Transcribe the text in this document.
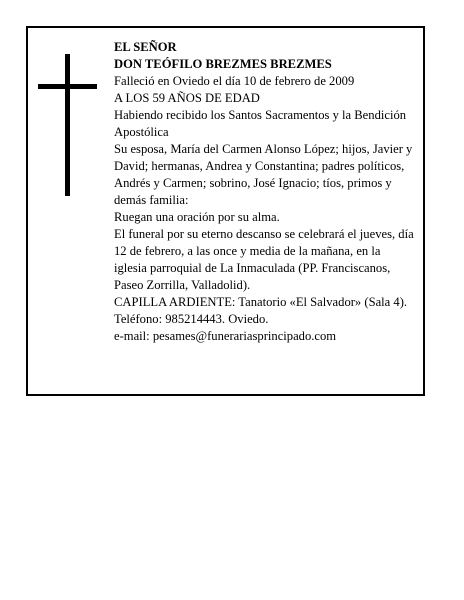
EL SEÑOR

DON TEÓFILO BREZMES BREZMES

Falleció en Oviedo el día 10 de febrero de 2009

A LOS 59 AÑOS DE EDAD

Habiendo recibido los Santos Sacramentos y la Bendición Apostólica

Su esposa, María del Carmen Alonso López; hijos, Javier y David; hermanas, Andrea y Constantina; padres políticos, Andrés y Carmen; sobrino, José Ignacio; tíos, primos y demás familia:

Ruegan una oración por su alma.

El funeral por su eterno descanso se celebrará el jueves, día 12 de febrero, a las once y media de la mañana, en la iglesia parroquial de La Inmaculada (PP. Franciscanos, Paseo Zorrilla, Valladolid).

CAPILLA ARDIENTE: Tanatorio «El Salvador» (Sala 4). Teléfono: 985214443. Oviedo.

e-mail: pesames@funerariasprincipado.com
